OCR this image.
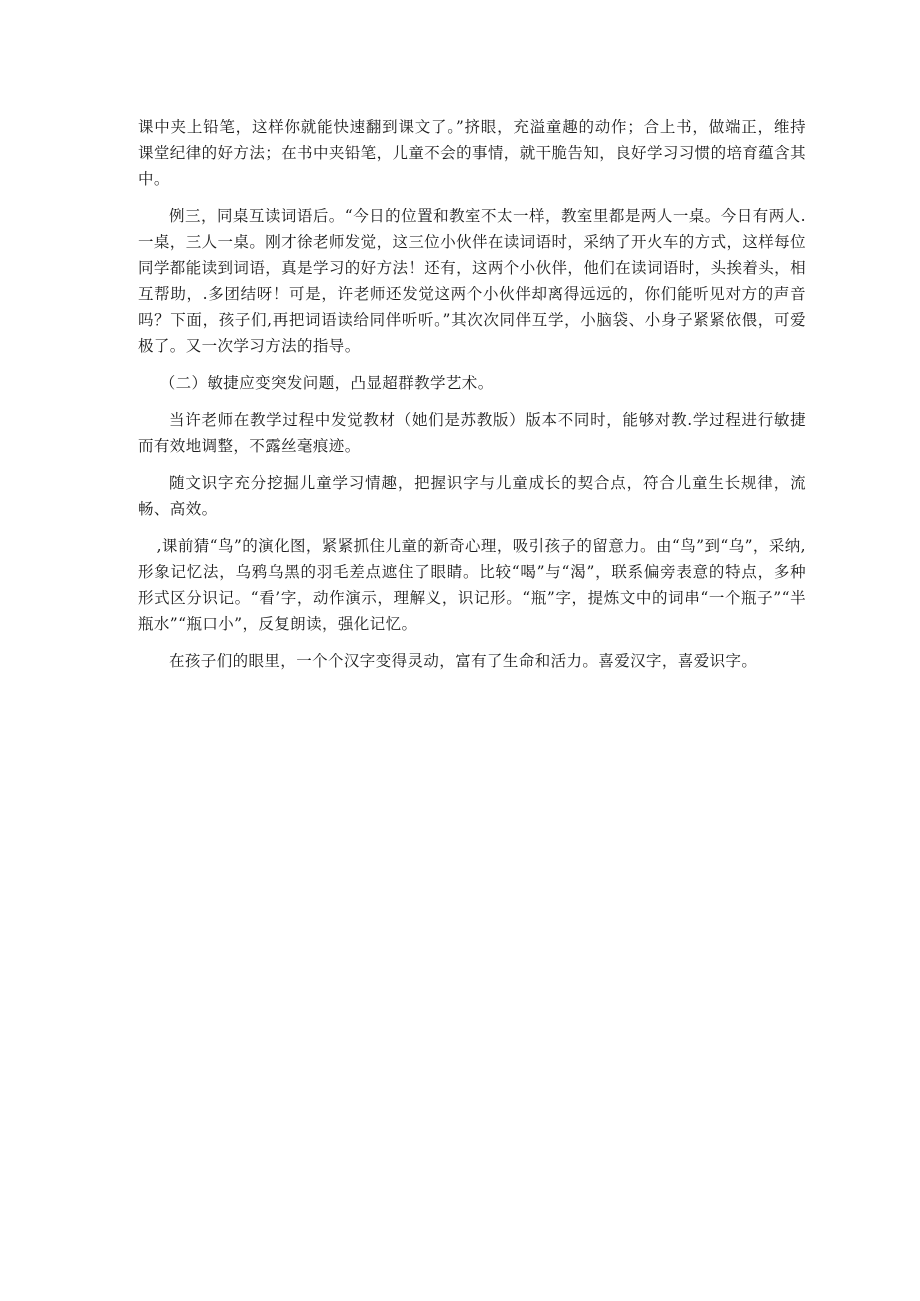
课中夹上铅笔，这样你就能快速翻到课文了。”挤眼，充溢童趣的动作；合上书，做端正，维持课堂纪律的好方法；在书中夹铅笔，儿童不会的事情，就干脆告知，良好学习习惯的培育蕴含其中。

例三，同桌互读词语后。“今日的位置和教室不太一样，教室里都是两人一桌。今日有两人.一桌，三人一桌。刚才徐老师发觉，这三位小伙伴在读词语时，采纳了开火车的方式，这样每位同学都能读到词语，真是学习的好方法！还有，这两个小伙伴，他们在读词语时，头挨着头，相互帮助，.多团结呀！可是，许老师还发觉这两个小伙伴却离得远远的，你们能听见对方的声音吗？下面，孩子们,再把词语读给同伴听听。”其次次同伴互学，小脑袋、小身子紧紧依偎，可爱极了。又一次学习方法的指导。

（二）敏捷应变突发问题，凸显超群教学艺术。

当许老师在教学过程中发觉教材（她们是苏教版）版本不同时，能够对教.学过程进行敏捷而有效地调整，不露丝毫痕迹。

随文识字充分挖掘儿童学习情趣，把握识字与儿童成长的契合点，符合儿童生长规律，流畅、高效。

,课前猜“鸟”的演化图，紧紧抓住儿童的新奇心理，吸引孩子的留意力。由“鸟”到“乌”，采纳,形象记忆法，乌鸦乌黑的羽毛差点遮住了眼睛。比较“喝”与“渴”，联系偏旁表意的特点，多种形式区分识记。“看’字，动作演示，理解义，识记形。“瓶”字，提炼文中的词串“一个瓶子”“半瓶水”“瓶口小”，反复朗读，强化记忆。

在孩子们的眼里，一个个汉字变得灵动，富有了生命和活力。喜爱汉字，喜爱识字。
